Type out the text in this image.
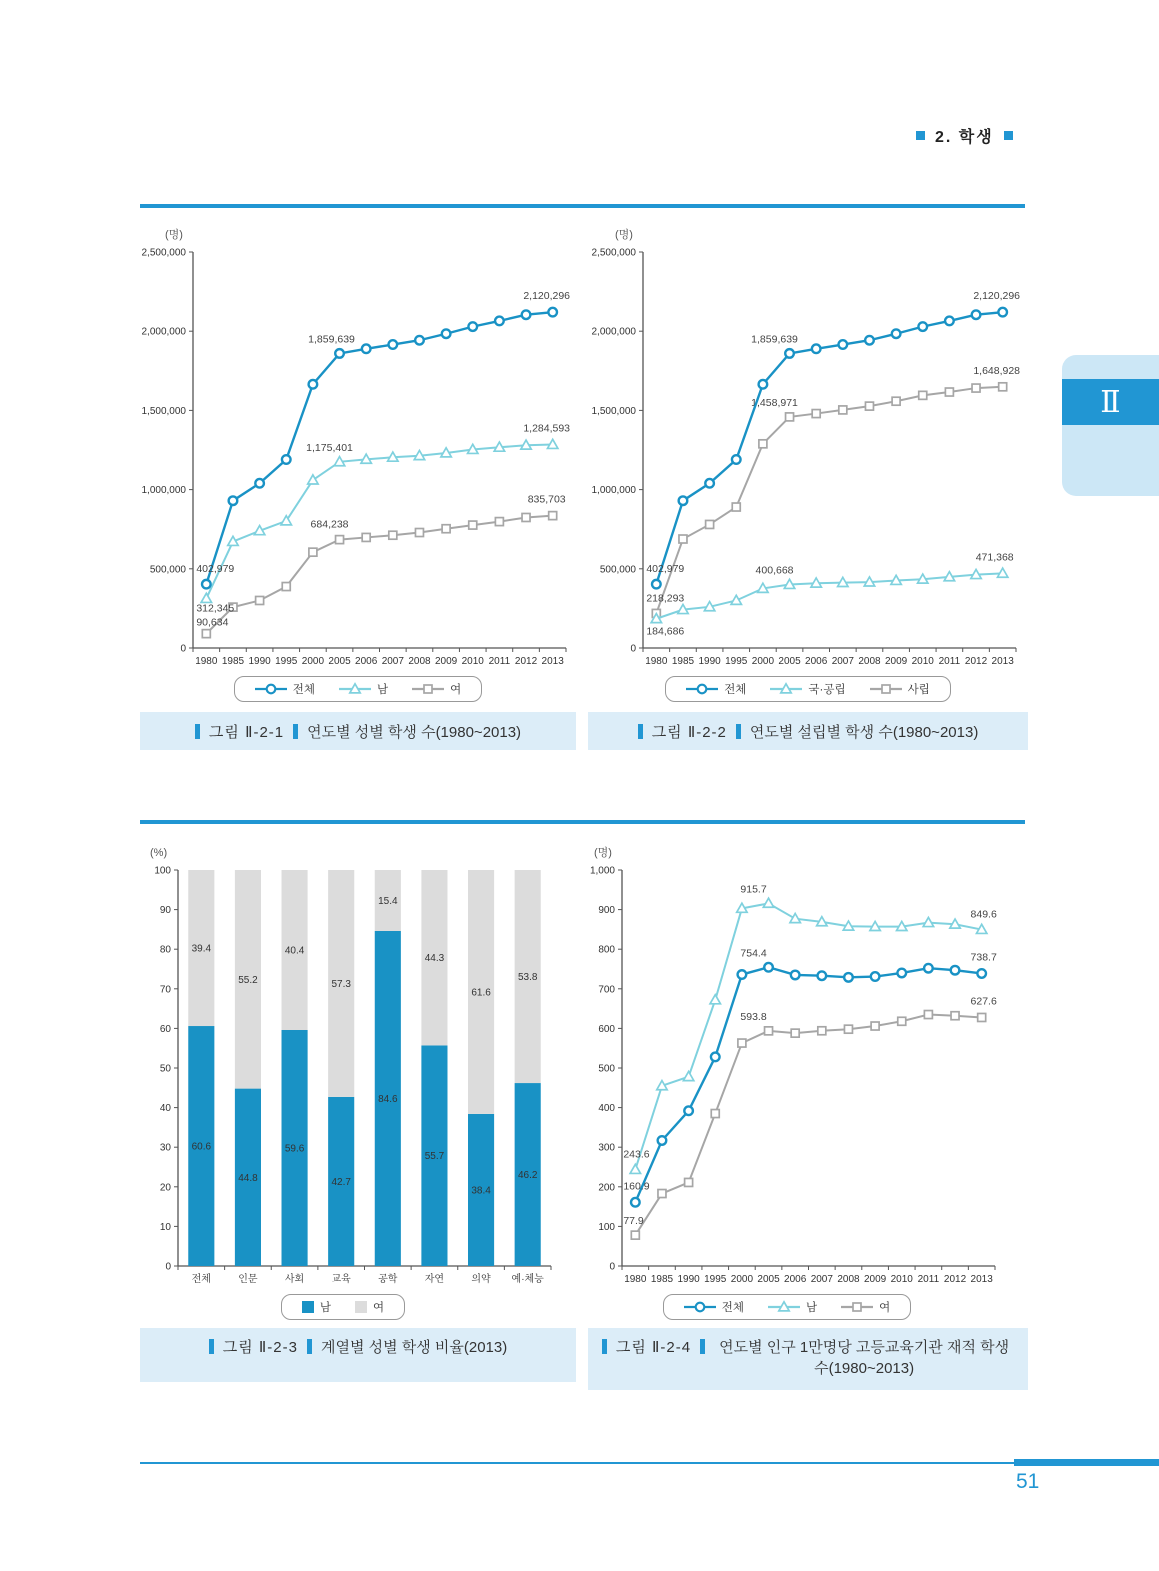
2. 학생
(명)
0
500,000
1,000,000
1,500,000
2,000,000
2,500,000
1980 1985 1990 1995 2000 2005 2006 2007 2008 2009 2010 2011 2012 2013
90,634
684,238
835,703
312,345
1,175,401
1,284,593
402,979
1,859,639
2,120,296
전체	남	여
(명)
0
500,000
1,000,000
1,500,000
2,000,000
2,500,000
1980 1985 1990 1995 2000 2005 2006 2007 2008 2009 2010 2011 2012 2013
218,293
1,458,971
1,648,928
184,686
400,668
471,368
402,979
1,859,639
2,120,296
전체	국·공립	사립
(%)
0
10
20
30
40
50
60
70
80
90
100
전체	인문	사회	교육	공학	자연	의약 예·체능
60.6
39.4
44.8
55.2
59.6
40.4
42.7
57.3
84.6
15.4
55.7
44.3
38.4
61.6
46.2
53.8
남	여
(명)
0
100
200
300
400
500
600
700
800
900
1,000
1980 1985 1990 1995 2000 2005 2006 2007 2008 2009 2010 2011 2012 2013
77.9
593.8
627.6
243.6
915.7
849.6
160.9
754.4	738.7
전체	남	여
그림 Ⅱ-2-1 연도별 성별 학생 수(1980~2013)	그림 Ⅱ-2-2 연도별 설립별 학생 수(1980~2013)
그림 Ⅱ-2-3 계열별 성별 학생 비율(2013)	그림 Ⅱ-2-4	연도별 인구 1만명당 고등교육기관 재적 학생 수(1980~2013)
Ⅱ
51
